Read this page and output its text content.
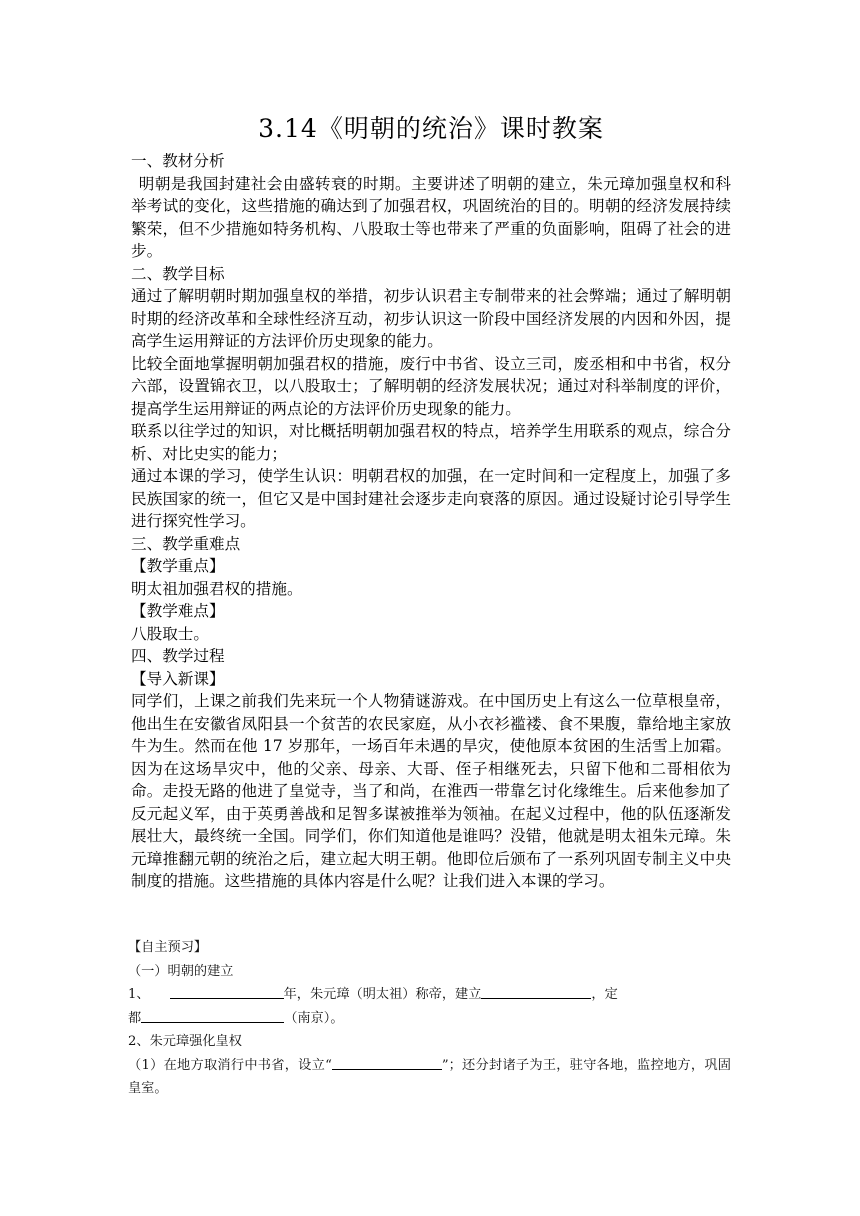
3.14《明朝的统治》课时教案

一、教材分析

明朝是我国封建社会由盛转衰的时期。主要讲述了明朝的建立，朱元璋加强皇权和科举考试的变化，这些措施的确达到了加强君权，巩固统治的目的。明朝的经济发展持续繁荣，但不少措施如特务机构、八股取士等也带来了严重的负面影响，阻碍了社会的进步。

二、教学目标

通过了解明朝时期加强皇权的举措，初步认识君主专制带来的社会弊端；通过了解明朝时期的经济改革和全球性经济互动，初步认识这一阶段中国经济发展的内因和外因，提高学生运用辩证的方法评价历史现象的能力。

比较全面地掌握明朝加强君权的措施，废行中书省、设立三司，废丞相和中书省，权分六部，设置锦衣卫，以八股取士；了解明朝的经济发展状况；通过对科举制度的评价，提高学生运用辩证的两点论的方法评价历史现象的能力。

联系以往学过的知识，对比概括明朝加强君权的特点，培养学生用联系的观点，综合分析、对比史实的能力；

通过本课的学习，使学生认识：明朝君权的加强，在一定时间和一定程度上，加强了多民族国家的统一，但它又是中国封建社会逐步走向衰落的原因。通过设疑讨论引导学生进行探究性学习。

三、教学重难点

【教学重点】

明太祖加强君权的措施。

【教学难点】

八股取士。

四、教学过程

【导入新课】

同学们，上课之前我们先来玩一个人物猜谜游戏。在中国历史上有这么一位草根皇帝，他出生在安徽省凤阳县一个贫苦的农民家庭，从小衣衫褴褛、食不果腹，靠给地主家放牛为生。然而在他 17 岁那年，一场百年未遇的旱灾，使他原本贫困的生活雪上加霜。因为在这场旱灾中，他的父亲、母亲、大哥、侄子相继死去，只留下他和二哥相依为命。走投无路的他进了皇觉寺，当了和尚，在淮西一带靠乞讨化缘维生。后来他参加了反元起义军，由于英勇善战和足智多谋被推举为领袖。在起义过程中，他的队伍逐渐发展壮大，最终统一全国。同学们，你们知道他是谁吗？没错，他就是明太祖朱元璋。朱元璋推翻元朝的统治之后，建立起大明王朝。他即位后颁布了一系列巩固专制主义中央制度的措施。这些措施的具体内容是什么呢？让我们进入本课的学习。

【自主预习】

（一）明朝的建立

1、	年，朱元璋（明太祖）称帝，建立	，定

都	（南京）。

2、朱元璋强化皇权

（1）在地方取消行中书省，设立“	”；还分封诸子为王，驻守各地，监控地方，巩固皇室。
